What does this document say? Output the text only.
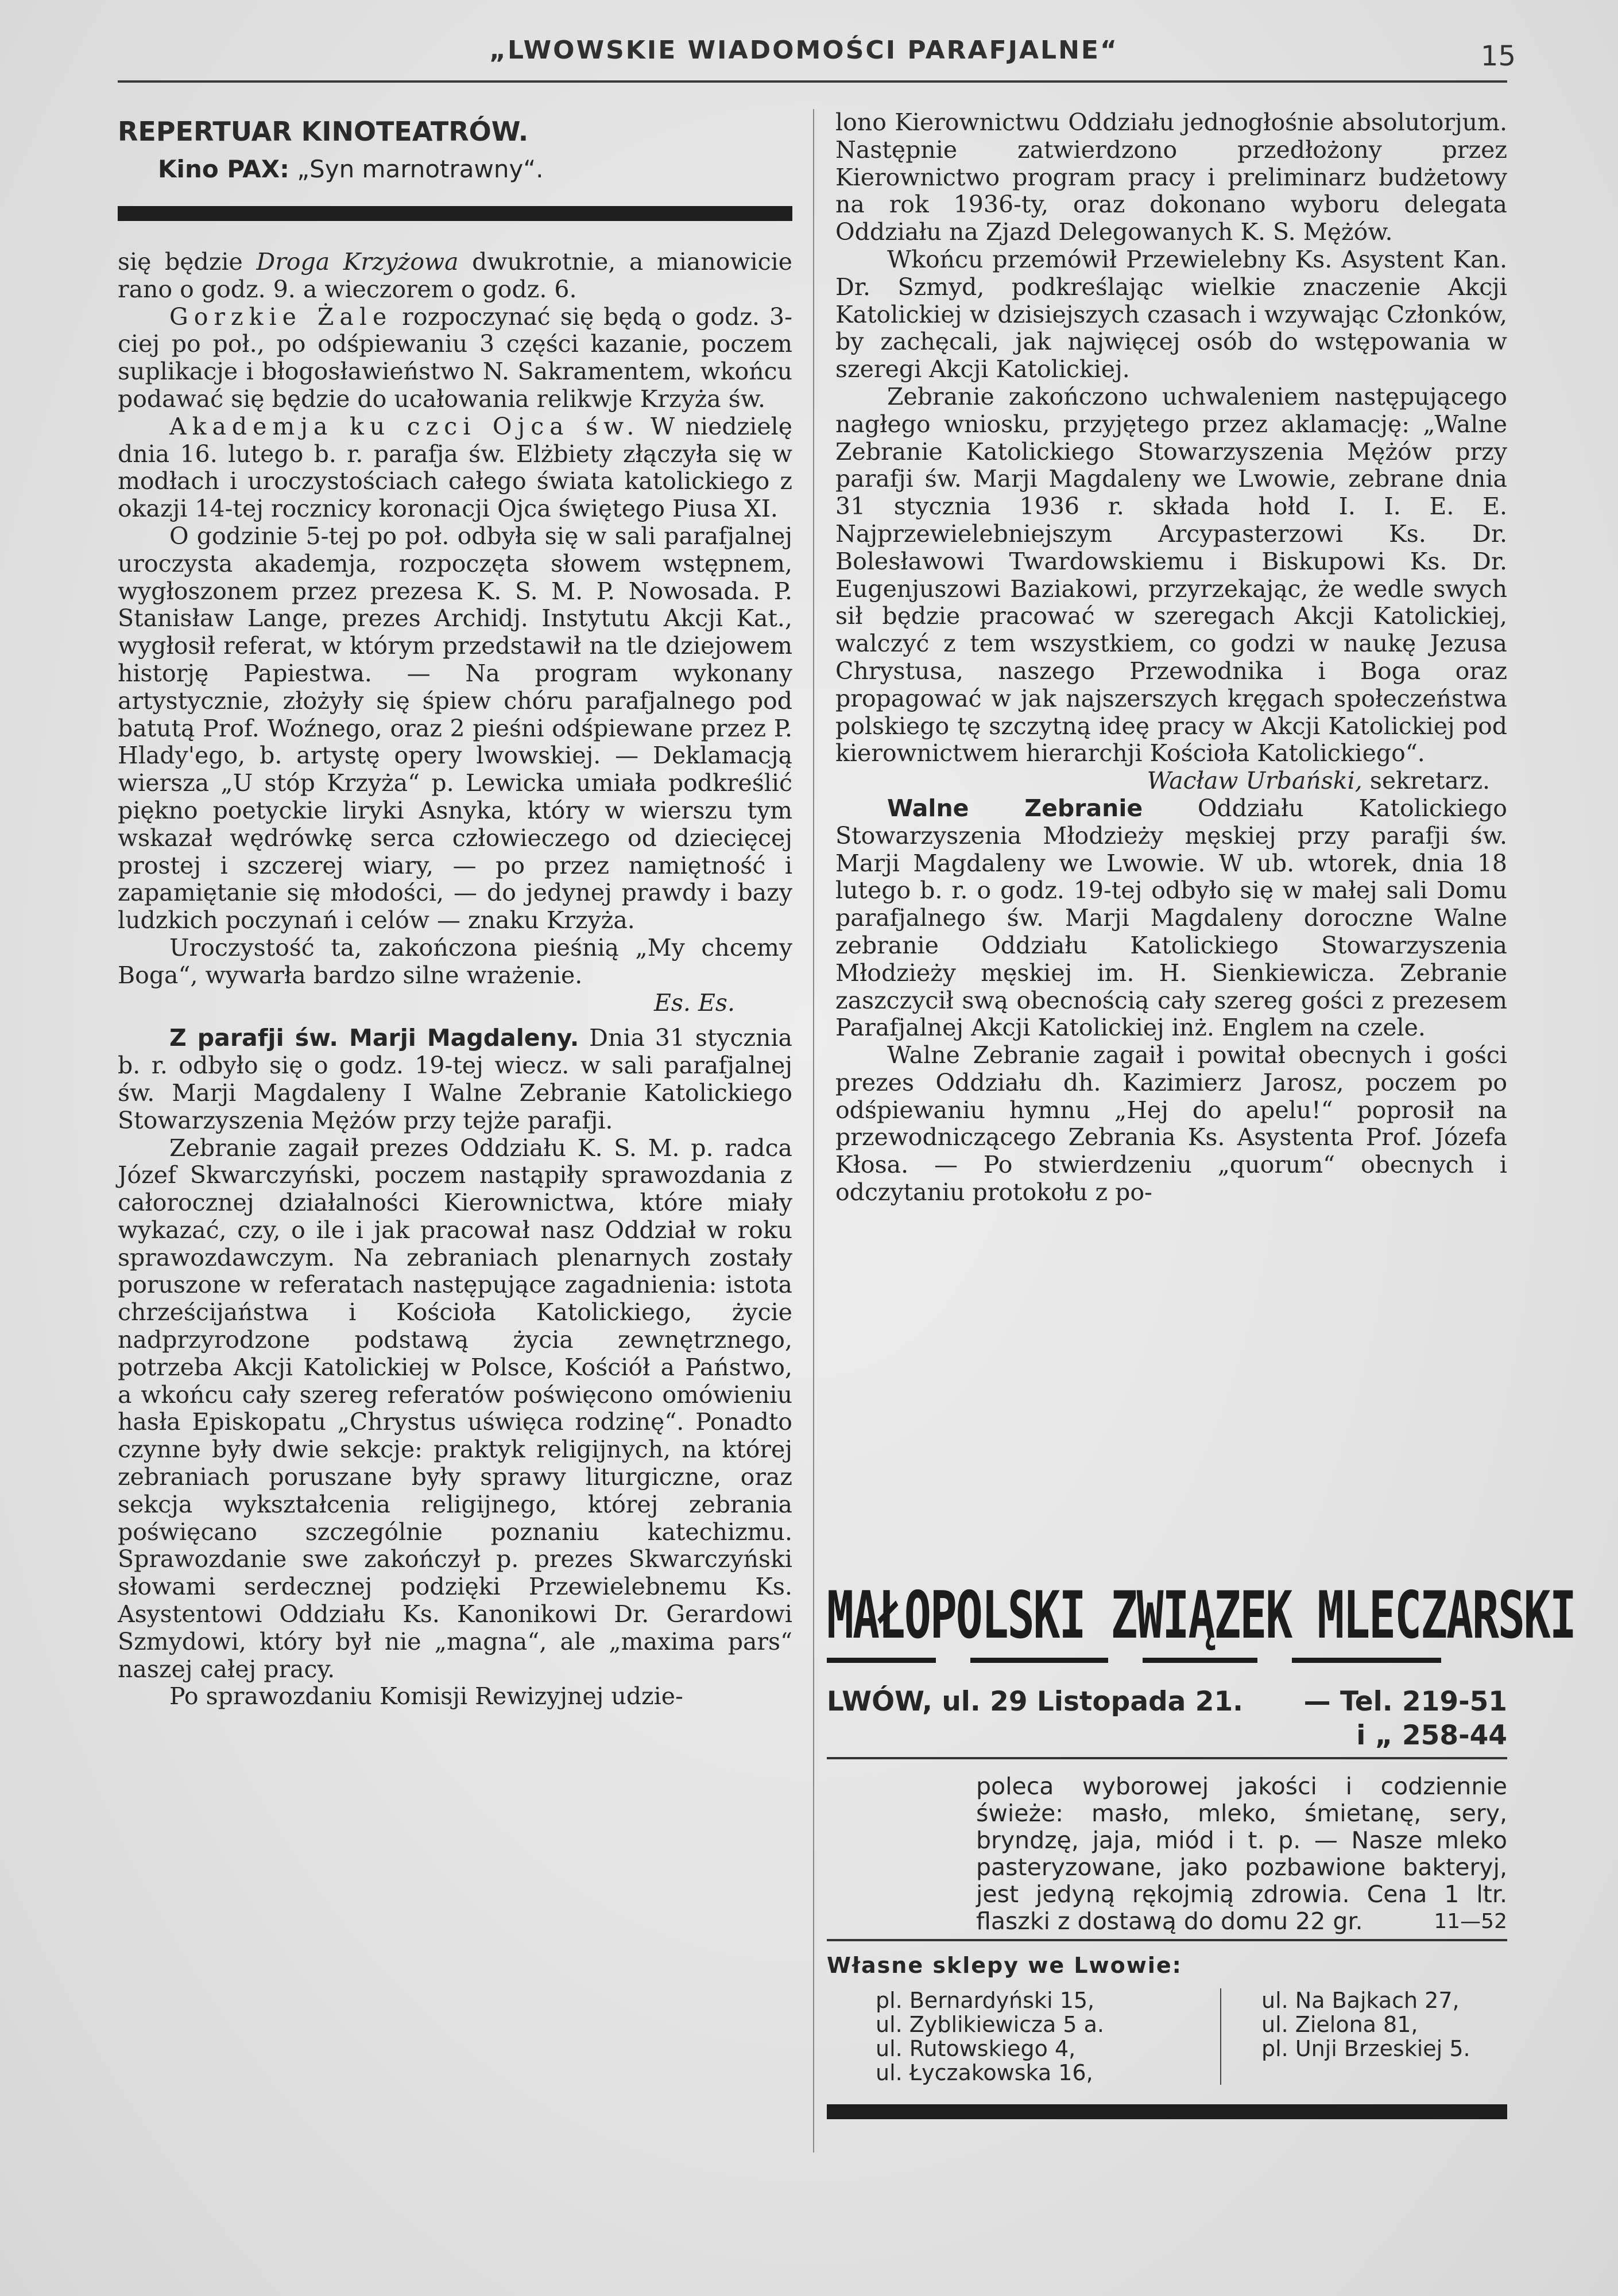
„LWOWSKIE WIADOMOŚCI PARAFJALNE“	15
REPERTUAR KINOTEATRÓW.
Kino PAX: „Syn marnotrawny“.

się będzie Droga Krzyżowa dwukrotnie, a mianowicie rano o godz. 9. a wieczorem o godz. 6.

Gorzkie Żale rozpoczynać się będą o godz. 3-ciej po poł., po odśpiewaniu 3 części kazanie, poczem suplikacje i błogosławieństwo N. Sakramentem, wkońcu podawać się będzie do ucałowania relikwje Krzyża św.

Akademja ku czci Ojca św. W niedzielę dnia 16. lutego b. r. parafja św. Elżbiety złączyła się w modłach i uroczystościach całego świata katolickiego z okazji 14-tej rocznicy koronacji Ojca świętego Piusa XI.

O godzinie 5-tej po poł. odbyła się w sali parafjalnej uroczysta akademja, rozpoczęta słowem wstępnem, wygłoszonem przez prezesa K. S. M. P. Nowosada. P. Stanisław Lange, prezes Archidj. Instytutu Akcji Kat., wygłosił referat, w którym przedstawił na tle dziejowem historję Papiestwa. — Na program wykonany artystycznie, złożyły się śpiew chóru parafjalnego pod batutą Prof. Woźnego, oraz 2 pieśni odśpiewane przez P. Hlady'ego, b. artystę opery lwowskiej. — Deklamacją wiersza „U stóp Krzyża“ p. Lewicka umiała podkreślić piękno poetyckie liryki Asnyka, który w wierszu tym wskazał wędrówkę serca człowieczego od dziecięcej prostej i szczerej wiary, — po przez namiętność i zapamiętanie się młodości, — do jedynej prawdy i bazy ludzkich poczynań i celów — znaku Krzyża.

Uroczystość ta, zakończona pieśnią „My chcemy Boga“, wywarła bardzo silne wrażenie.

Es. Es.

Z parafji św. Marji Magdaleny. Dnia 31 stycznia b. r. odbyło się o godz. 19-tej wiecz. w sali parafjalnej św. Marji Magdaleny I Walne Zebranie Katolickiego Stowarzyszenia Mężów przy tejże parafji.

Zebranie zagaił prezes Oddziału K. S. M. p. radca Józef Skwarczyński, poczem nastąpiły sprawozdania z całorocznej działalności Kierownictwa, które miały wykazać, czy, o ile i jak pracował nasz Oddział w roku sprawozdawczym. Na zebraniach plenarnych zostały poruszone w referatach następujące zagadnienia: istota chrześcijaństwa i Kościoła Katolickiego, życie nadprzyrodzone podstawą życia zewnętrznego, potrzeba Akcji Katolickiej w Polsce, Kościół a Państwo, a wkońcu cały szereg referatów poświęcono omówieniu hasła Episkopatu „Chrystus uświęca rodzinę“. Ponadto czynne były dwie sekcje: praktyk religijnych, na której zebraniach poruszane były sprawy liturgiczne, oraz sekcja wykształcenia religijnego, której zebrania poświęcano szczególnie poznaniu katechizmu. Sprawozdanie swe zakończył p. prezes Skwarczyński słowami serdecznej podzięki Przewielebnemu Ks. Asystentowi Oddziału Ks. Kanonikowi Dr. Gerardowi Szmydowi, który był nie „magna“, ale „maxima pars“ naszej całej pracy.

Po sprawozdaniu Komisji Rewizyjnej udzie-

lono Kierownictwu Oddziału jednogłośnie absolutorjum. Następnie zatwierdzono przedłożony przez Kierownictwo program pracy i preliminarz budżetowy na rok 1936-ty, oraz dokonano wyboru delegata Oddziału na Zjazd Delegowanych K. S. Mężów.

Wkońcu przemówił Przewielebny Ks. Asystent Kan. Dr. Szmyd, podkreślając wielkie znaczenie Akcji Katolickiej w dzisiejszych czasach i wzywając Członków, by zachęcali, jak najwięcej osób do wstępowania w szeregi Akcji Katolickiej.

Zebranie zakończono uchwaleniem następującego nagłego wniosku, przyjętego przez aklamację: „Walne Zebranie Katolickiego Stowarzyszenia Mężów przy parafji św. Marji Magdaleny we Lwowie, zebrane dnia 31 stycznia 1936 r. składa hołd I. I. E. E. Najprzewielebniejszym Arcypasterzowi Ks. Dr. Bolesławowi Twardowskiemu i Biskupowi Ks. Dr. Eugenjuszowi Baziakowi, przyrzekając, że wedle swych sił będzie pracować w szeregach Akcji Katolickiej, walczyć z tem wszystkiem, co godzi w naukę Jezusa Chrystusa, naszego Przewodnika i Boga oraz propagować w jak najszerszych kręgach społeczeństwa polskiego tę szczytną ideę pracy w Akcji Katolickiej pod kierownictwem hierarchji Kościoła Katolickiego“.

Wacław Urbański, sekretarz.

Walne Zebranie Oddziału Katolickiego Stowarzyszenia Młodzieży męskiej przy parafji św. Marji Magdaleny we Lwowie. W ub. wtorek, dnia 18 lutego b. r. o godz. 19-tej odbyło się w małej sali Domu parafjalnego św. Marji Magdaleny doroczne Walne zebranie Oddziału Katolickiego Stowarzyszenia Młodzieży męskiej im. H. Sienkiewicza. Zebranie zaszczycił swą obecnością cały szereg gości z prezesem Parafjalnej Akcji Katolickiej inż. Englem na czele.

Walne Zebranie zagaił i powitał obecnych i gości prezes Oddziału dh. Kazimierz Jarosz, poczem po odśpiewaniu hymnu „Hej do apelu!“ poprosił na przewodniczącego Zebrania Ks. Asystenta Prof. Józefa Kłosa. — Po stwierdzeniu „quorum“ obecnych i odczytaniu protokołu z po-

MAŁOPOLSKI ZWIĄZEK MLECZARSKI
LWÓW, ul. 29 Listopada 21. — Tel. 219-51
i „ 258-44
poleca wyborowej jakości i codziennie świeże: masło, mleko, śmietanę, sery, bryndzę, jaja, miód i t. p. — Nasze mleko pasteryzowane, jako pozbawione bakteryj, jest jedyną rękojmią zdrowia. Cena 1 ltr. flaszki z dostawą do domu 22 gr.	11—52
Własne sklepy we Lwowie:
pl. Bernardyński 15,
ul. Zyblikiewicza 5 a.
ul. Rutowskiego 4,
ul. Łyczakowska 16,
ul. Na Bajkach 27,
ul. Zielona 81,
pl. Unji Brzeskiej 5.
